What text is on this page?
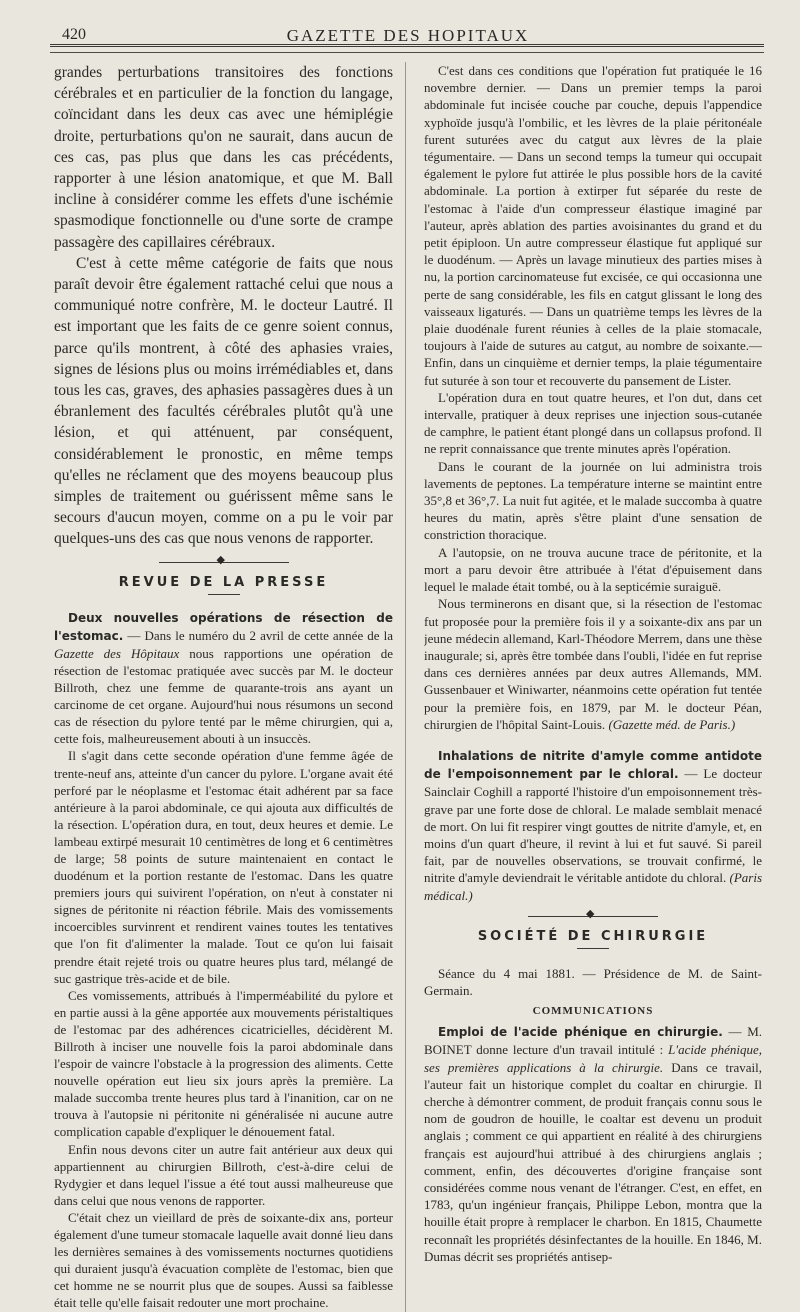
420	GAZETTE DES HOPITAUX

grandes perturbations transitoires des fonctions cérébrales et en particulier de la fonction du langage, coïncidant dans les deux cas avec une hémiplégie droite, perturbations qu'on ne saurait, dans aucun de ces cas, pas plus que dans les cas précédents, rapporter à une lésion anatomique, et que M. Ball incline à considérer comme les effets d'une ischémie spasmodique fonctionnelle ou d'une sorte de crampe passagère des capillaires cérébraux.

C'est à cette même catégorie de faits que nous paraît devoir être également rattaché celui que nous a communiqué notre confrère, M. le docteur Lautré. Il est important que les faits de ce genre soient connus, parce qu'ils montrent, à côté des aphasies vraies, signes de lésions plus ou moins irrémédiables et, dans tous les cas, graves, des aphasies passagères dues à un ébranlement des facultés cérébrales plutôt qu'à une lésion, et qui atténuent, par conséquent, considérablement le pronostic, en même temps qu'elles ne réclament que des moyens beaucoup plus simples de traitement ou guérissent même sans le secours d'aucun moyen, comme on a pu le voir par quelques-uns des cas que nous venons de rapporter.

◆
REVUE DE LA PRESSE

Deux nouvelles opérations de résection de l'estomac. — Dans le numéro du 2 avril de cette année de la Gazette des Hôpitaux nous rapportions une opération de résection de l'estomac pratiquée avec succès par M. le docteur Billroth, chez une femme de quarante-trois ans ayant un carcinome de cet organe. Aujourd'hui nous résumons un second cas de résection du pylore tenté par le même chirurgien, qui a, cette fois, malheureusement abouti à un insuccès.

Il s'agit dans cette seconde opération d'une femme âgée de trente-neuf ans, atteinte d'un cancer du pylore. L'organe avait été perforé par le néoplasme et l'estomac était adhérent par sa face antérieure à la paroi abdominale, ce qui ajouta aux difficultés de la résection. L'opération dura, en tout, deux heures et demie. Le lambeau extirpé mesurait 10 centimètres de long et 6 centimètres de large; 58 points de suture maintenaient en contact le duodénum et la portion restante de l'estomac. Dans les quatre premiers jours qui suivirent l'opération, on n'eut à constater ni signes de péritonite ni réaction fébrile. Mais des vomissements incoercibles survinrent et rendirent vaines toutes les tentatives que l'on fit d'alimenter la malade. Tout ce qu'on lui faisait prendre était rejeté trois ou quatre heures plus tard, mélangé de suc gastrique très-acide et de bile.

Ces vomissements, attribués à l'imperméabilité du pylore et en partie aussi à la gêne apportée aux mouvements péristaltiques de l'estomac par des adhérences cicatricielles, décidèrent M. Billroth à inciser une nouvelle fois la paroi abdominale dans l'espoir de vaincre l'obstacle à la progression des aliments. Cette nouvelle opération eut lieu six jours après la première. La malade succomba trente heures plus tard à l'inanition, car on ne trouva à l'autopsie ni péritonite ni généralisée ni aucune autre complication capable d'expliquer le dénouement fatal.

Enfin nous devons citer un autre fait antérieur aux deux qui appartiennent au chirurgien Billroth, c'est-à-dire celui de Rydygier et dans lequel l'issue a été tout aussi malheureuse que dans celui que nous venons de rapporter.

C'était chez un vieillard de près de soixante-dix ans, porteur également d'une tumeur stomacale laquelle avait donné lieu dans les dernières semaines à des vomissements nocturnes quotidiens qui duraient jusqu'à évacuation complète de l'estomac, bien que cet homme ne se nourrit plus que de soupes. Aussi sa faiblesse était telle qu'elle faisait redouter une mort prochaine.

C'est dans ces conditions que l'opération fut pratiquée le 16 novembre dernier. — Dans un premier temps la paroi abdominale fut incisée couche par couche, depuis l'appendice xyphoïde jusqu'à l'ombilic, et les lèvres de la plaie péritonéale furent suturées avec du catgut aux lèvres de la plaie tégumentaire. — Dans un second temps la tumeur qui occupait également le pylore fut attirée le plus possible hors de la cavité abdominale. La portion à extirper fut séparée du reste de l'estomac à l'aide d'un compresseur élastique imaginé par l'auteur, après ablation des parties avoisinantes du grand et du petit épiploon. Un autre compresseur élastique fut appliqué sur le duodénum. — Après un lavage minutieux des parties mises à nu, la portion carcinomateuse fut excisée, ce qui occasionna une perte de sang considérable, les fils en catgut glissant le long des vaisseaux ligaturés. — Dans un quatrième temps les lèvres de la plaie duodénale furent réunies à celles de la plaie stomacale, toujours à l'aide de sutures au catgut, au nombre de soixante.— Enfin, dans un cinquième et dernier temps, la plaie tégumentaire fut suturée à son tour et recouverte du pansement de Lister.

L'opération dura en tout quatre heures, et l'on dut, dans cet intervalle, pratiquer à deux reprises une injection sous-cutanée de camphre, le patient étant plongé dans un collapsus profond. Il ne reprit connaissance que trente minutes après l'opération.

Dans le courant de la journée on lui administra trois lavements de peptones. La température interne se maintint entre 35°,8 et 36°,7. La nuit fut agitée, et le malade succomba à quatre heures du matin, après s'être plaint d'une sensation de constriction thoracique.

A l'autopsie, on ne trouva aucune trace de péritonite, et la mort a paru devoir être attribuée à l'état d'épuisement dans lequel le malade était tombé, ou à la septicémie suraiguë.

Nous terminerons en disant que, si la résection de l'estomac fut proposée pour la première fois il y a soixante-dix ans par un jeune médecin allemand, Karl-Théodore Merrem, dans une thèse inaugurale; si, après être tombée dans l'oubli, l'idée en fut reprise dans ces dernières années par deux autres Allemands, MM. Gussenbauer et Winiwarter, néanmoins cette opération fut tentée pour la première fois, en 1879, par M. le docteur Péan, chirurgien de l'hôpital Saint-Louis. (Gazette méd. de Paris.)

Inhalations de nitrite d'amyle comme antidote de l'empoisonnement par le chloral. — Le docteur Sainclair Coghill a rapporté l'histoire d'un empoisonnement très-grave par une forte dose de chloral. Le malade semblait menacé de mort. On lui fit respirer vingt gouttes de nitrite d'amyle, et, en moins d'un quart d'heure, il revint à lui et fut sauvé. Si pareil fait, par de nouvelles observations, se trouvait confirmé, le nitrite d'amyle deviendrait le véritable antidote du chloral. (Paris médical.)

◆
SOCIÉTÉ DE CHIRURGIE

Séance du 4 mai 1881. — Présidence de M. de Saint-Germain.

COMMUNICATIONS

Emploi de l'acide phénique en chirurgie. — M. BOINET donne lecture d'un travail intitulé : L'acide phénique, ses premières applications à la chirurgie. Dans ce travail, l'auteur fait un historique complet du coaltar en chirurgie. Il cherche à démontrer comment, de produit français connu sous le nom de goudron de houille, le coaltar est devenu un produit anglais ; comment ce qui appartient en réalité à des chirurgiens français est aujourd'hui attribué à des chirurgiens anglais ; comment, enfin, des découvertes d'origine française sont considérées comme nous venant de l'étranger. C'est, en effet, en 1783, qu'un ingénieur français, Philippe Lebon, montra que la houille était propre à remplacer le charbon. En 1815, Chaumette reconnaît les propriétés désinfectantes de la houille. En 1846, M. Dumas décrit ses propriétés antisep-
